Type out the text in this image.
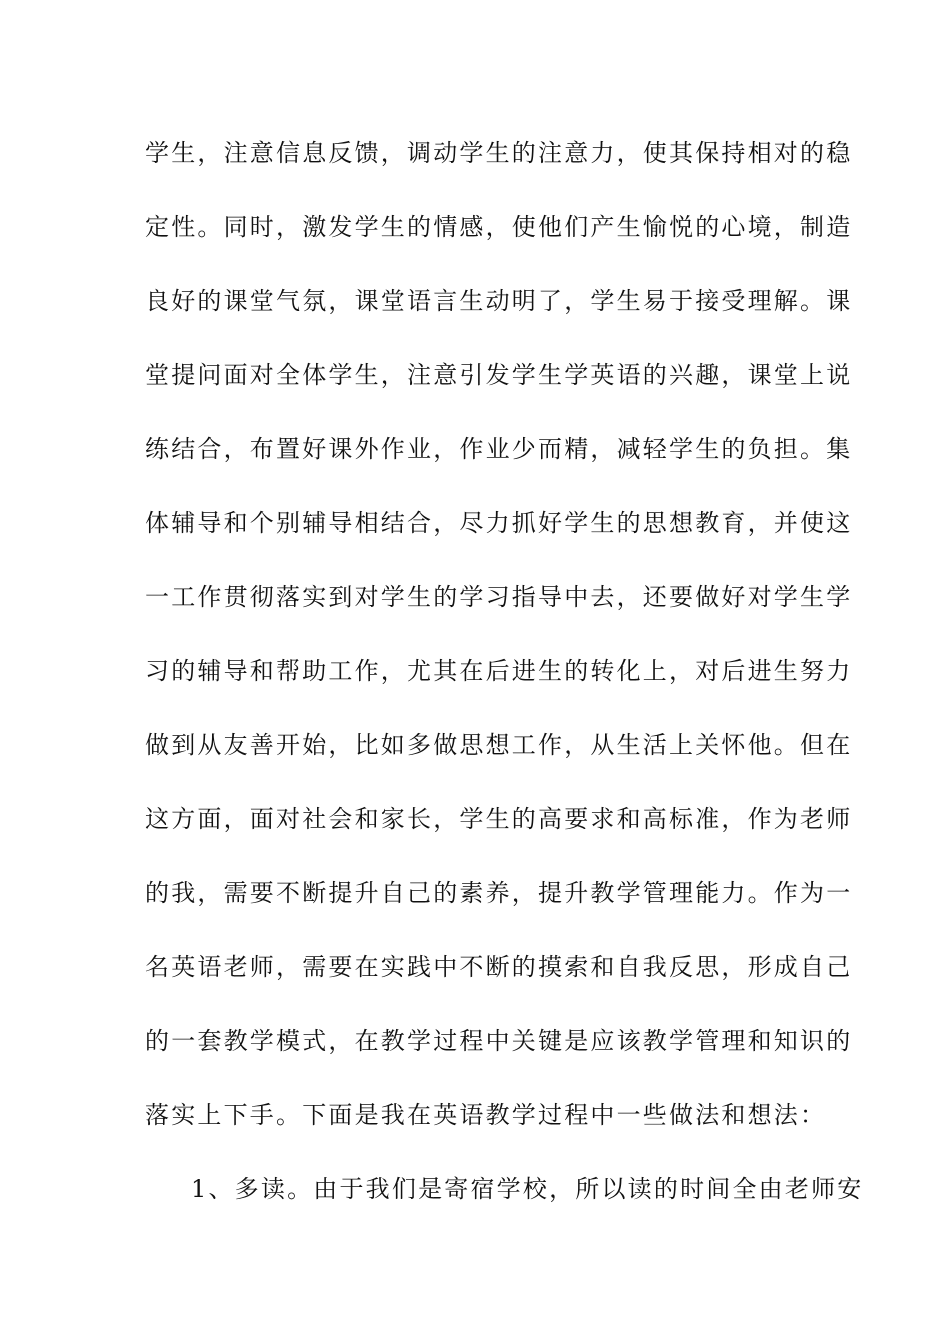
学生，注意信息反馈，调动学生的注意力，使其保持相对的稳
定性。同时，激发学生的情感，使他们产生愉悦的心境，制造
良好的课堂气氛，课堂语言生动明了，学生易于接受理解。课
堂提问面对全体学生，注意引发学生学英语的兴趣，课堂上说
练结合，布置好课外作业，作业少而精，减轻学生的负担。集
体辅导和个别辅导相结合，尽力抓好学生的思想教育，并使这
一工作贯彻落实到对学生的学习指导中去，还要做好对学生学
习的辅导和帮助工作，尤其在后进生的转化上，对后进生努力
做到从友善开始，比如多做思想工作，从生活上关怀他。但在
这方面，面对社会和家长，学生的高要求和高标准，作为老师
的我，需要不断提升自己的素养，提升教学管理能力。作为一
名英语老师，需要在实践中不断的摸索和自我反思，形成自己
的一套教学模式，在教学过程中关键是应该教学管理和知识的
落实上下手。下面是我在英语教学过程中一些做法和想法：
1、多读。由于我们是寄宿学校，所以读的时间全由老师安
